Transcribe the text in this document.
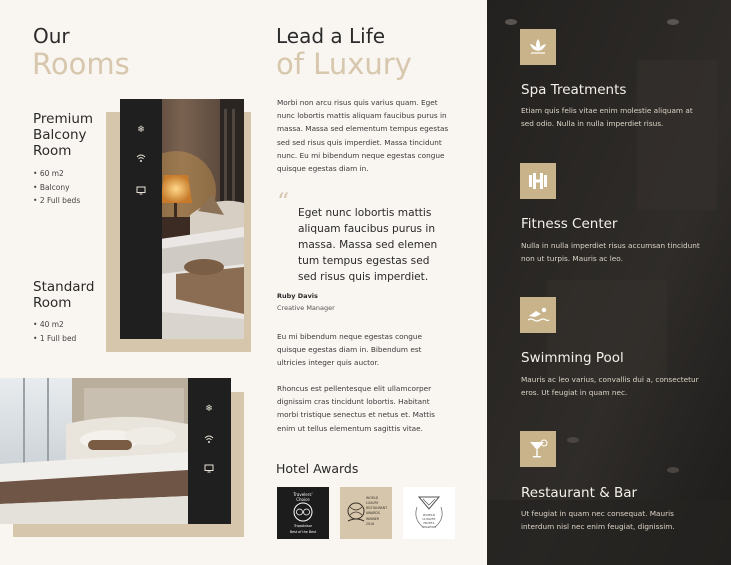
Our
Rooms
Premium Balcony Room
• 60 m2
• Balcony
• 2 Full beds
❄
Standard Room
• 40 m2
• 1 Full bed
❄
Lead a Life
of Luxury

Morbi non arcu risus quis varius quam. Eget nunc lobortis mattis aliquam faucibus purus in massa. Massa sed elementum tempus egestas sed sed risus quis imperdiet. Massa tincidunt nunc. Eu mi bibendum neque egestas congue quisque egestas diam in.

“ Eget nunc lobortis mattis aliquam faucibus purus in massa. Massa sed elemen tum tempus egestas sed sed risus quis imperdiet.

Ruby Davis
Creative Manager

Eu mi bibendum neque egestas congue quisque egestas diam in. Bibendum est ultricies integer quis auctor.

Rhoncus est pellentesque elit ullamcorper dignissim cras tincidunt lobortis. Habitant morbi tristique senectus et netus et. Mattis enim ut tellus elementum sagittis vitae.

Hotel Awards
Travelers'
Choice
Tripadvisor
Best of the Best
WORLD
LUXURY
RESTAURANT
AWARDS
WINNER
2016
WORLD
LUXURY
HOTEL
AWARDS
Spa Treatments
Etiam quis felis vitae enim molestie aliquam at sed odio. Nulla in nulla imperdiet risus.
Fitness Center
Nulla in nulla imperdiet risus accumsan tincidunt non ut turpis. Mauris ac leo.
Swimming Pool
Mauris ac leo varius, convallis dui a, consectetur eros. Ut feugiat in quam nec.
Restaurant & Bar
Ut feugiat in quam nec consequat. Mauris interdum nisl nec enim feugiat, dignissim.
